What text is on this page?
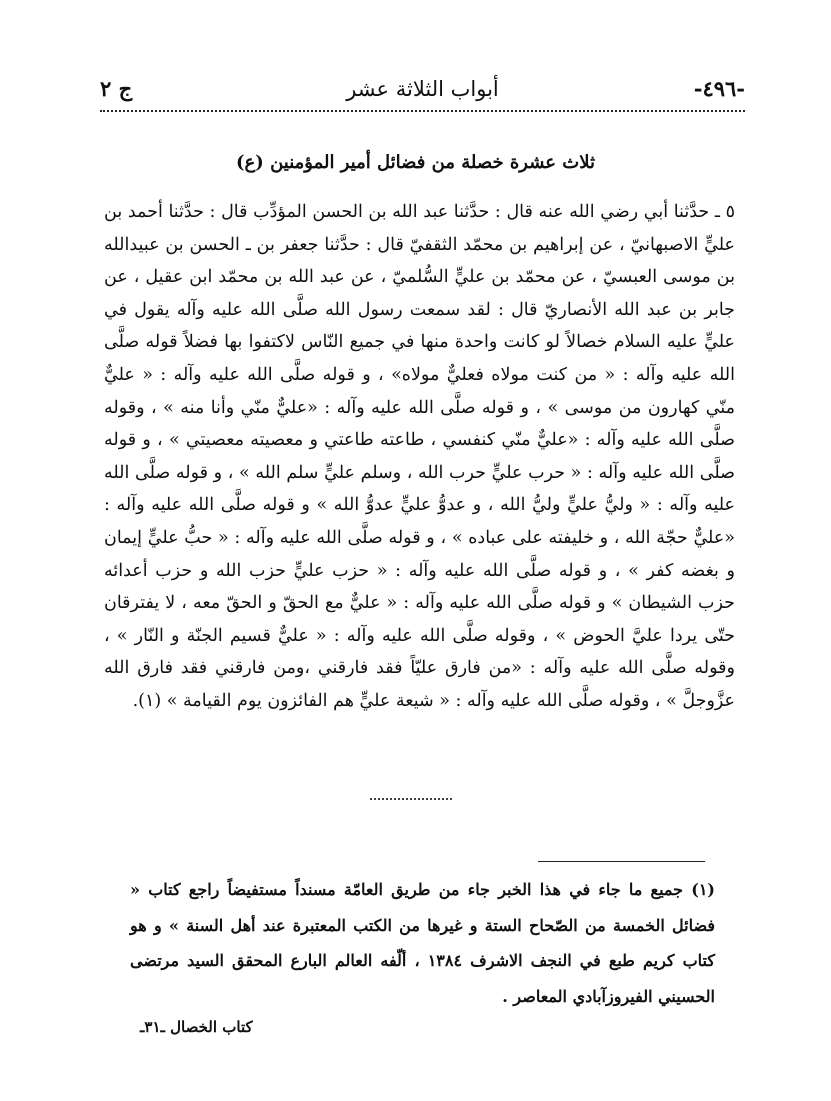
-٤٩٦-
أبواب الثلاثة عشر
ج ٢
ثلاث عشرة خصلة من فضائل أمير المؤمنين (ع)

٥ ـ حدَّثنا أبي رضي الله عنه قال : حدَّثنا عبد الله بن الحسن المؤدِّب قال : حدَّثنا أحمد بن عليٍّ الاصبهانيّ ، عن إبراهيم بن محمّد الثقفيّ قال : حدَّثنا جعفر بن ـ الحسن بن عبيدالله بن موسى العبسيّ ، عن محمّد بن عليٍّ السُّلميّ ، عن عبد الله بن محمّد ابن عقيل ، عن جابر بن عبد الله الأنصاريّ قال : لقد سمعت رسول الله صلَّى الله عليه وآله يقول في عليٍّ عليه السلام خصالاً لو كانت واحدة منها في جميع النّاس لاكتفوا بها فضلاً قوله صلَّى الله عليه وآله : « من كنت مولاه فعليٌّ مولاه» ، و قوله صلَّى الله عليه وآله : « عليٌّ منّي كهارون من موسى » ، و قوله صلَّى الله عليه وآله : «عليٌّ منّي وأنا منه » ، وقوله صلَّى الله عليه وآله : «عليٌّ منّي كنفسي ، طاعته طاعتي و معصيته معصيتي » ، و قوله صلَّى الله عليه وآله : « حرب عليٍّ حرب الله ، وسلم عليٍّ سلم الله » ، و قوله صلَّى الله عليه وآله : « وليُّ عليٍّ وليُّ الله ، و عدوُّ عليٍّ عدوُّ الله » و قوله صلَّى الله عليه وآله : «عليٌّ حجّة الله ، و خليفته على عباده » ، و قوله صلَّى الله عليه وآله : « حبُّ عليٍّ إيمان و بغضه كفر » ، و قوله صلَّى الله عليه وآله : « حزب عليٍّ حزب الله و حزب أعدائه حزب الشيطان » و قوله صلَّى الله عليه وآله : « عليٌّ مع الحقّ و الحقّ معه ، لا يفترقان حتّى يردا عليَّ الحوض » ، وقوله صلَّى الله عليه وآله : « عليٌّ قسيم الجنّة و النّار » ، وقوله صلَّى الله عليه وآله : «من فارق عليّاً فقد فارقني ،ومن فارقني فقد فارق الله عزَّوجلَّ » ، وقوله صلَّى الله عليه وآله : « شيعة عليٍّ هم الفائزون يوم القيامة » (١).

(١) جميع ما جاء في هذا الخبر جاء من طريق العامّة مسنداً مستفيضاً راجع كتاب « فضائل الخمسة من الصّحاح الستة و غيرها من الكتب المعتبرة عند أهل السنة » و هو كتاب كريم طبع في النجف الاشرف ١٣٨٤ ، ألّفه العالم البارع المحقق السيد مرتضى الحسيني الفيروزآبادي المعاصر .

كتاب الخصال ـ٣١ـ
